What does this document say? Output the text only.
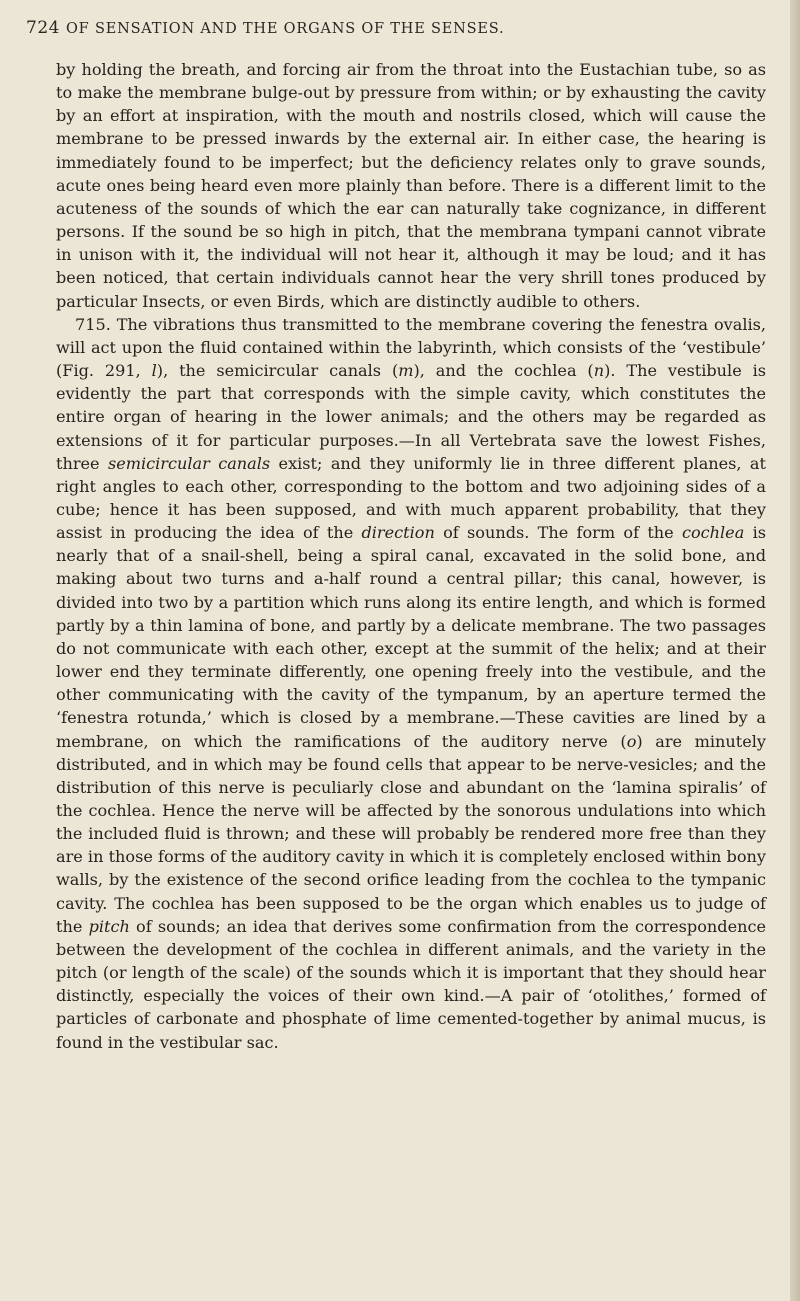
724 OF SENSATION AND THE ORGANS OF THE SENSES.

by holding the breath, and forcing air from the throat into the Eustachian tube, so as to make the membrane bulge-out by pressure from within; or by exhausting the cavity by an effort at inspiration, with the mouth and nostrils closed, which will cause the membrane to be pressed inwards by the external air. In either case, the hearing is immediately found to be imperfect; but the deficiency relates only to grave sounds, acute ones being heard even more plainly than before. There is a different limit to the acuteness of the sounds of which the ear can naturally take cognizance, in different persons. If the sound be so high in pitch, that the membrana tympani cannot vibrate in unison with it, the individual will not hear it, although it may be loud; and it has been noticed, that certain individuals cannot hear the very shrill tones produced by particular Insects, or even Birds, which are distinctly audible to others.

715. The vibrations thus transmitted to the membrane covering the fenestra ovalis, will act upon the fluid contained within the labyrinth, which consists of the ‘vestibule’ (Fig. 291, l), the semicircular canals (m), and the cochlea (n). The vestibule is evidently the part that corresponds with the simple cavity, which constitutes the entire organ of hearing in the lower animals; and the others may be regarded as extensions of it for particular purposes.—In all Vertebrata save the lowest Fishes, three semicircular canals exist; and they uniformly lie in three different planes, at right angles to each other, corresponding to the bottom and two adjoining sides of a cube; hence it has been supposed, and with much apparent probability, that they assist in producing the idea of the direction of sounds. The form of the cochlea is nearly that of a snail-shell, being a spiral canal, excavated in the solid bone, and making about two turns and a-half round a central pillar; this canal, however, is divided into two by a partition which runs along its entire length, and which is formed partly by a thin lamina of bone, and partly by a delicate membrane. The two passages do not communicate with each other, except at the summit of the helix; and at their lower end they terminate differently, one opening freely into the vestibule, and the other communicating with the cavity of the tympanum, by an aperture termed the ‘fenestra rotunda,’ which is closed by a membrane.—These cavities are lined by a membrane, on which the ramifications of the auditory nerve (o) are minutely distributed, and in which may be found cells that appear to be nerve-vesicles; and the distribution of this nerve is peculiarly close and abundant on the ‘lamina spiralis’ of the cochlea. Hence the nerve will be affected by the sonorous undulations into which the included fluid is thrown; and these will probably be rendered more free than they are in those forms of the auditory cavity in which it is completely enclosed within bony walls, by the existence of the second orifice leading from the cochlea to the tympanic cavity. The cochlea has been supposed to be the organ which enables us to judge of the pitch of sounds; an idea that derives some confirmation from the correspondence between the development of the cochlea in different animals, and the variety in the pitch (or length of the scale) of the sounds which it is important that they should hear distinctly, especially the voices of their own kind.—A pair of ‘otolithes,’ formed of particles of carbonate and phosphate of lime cemented-together by animal mucus, is found in the vestibular sac.
